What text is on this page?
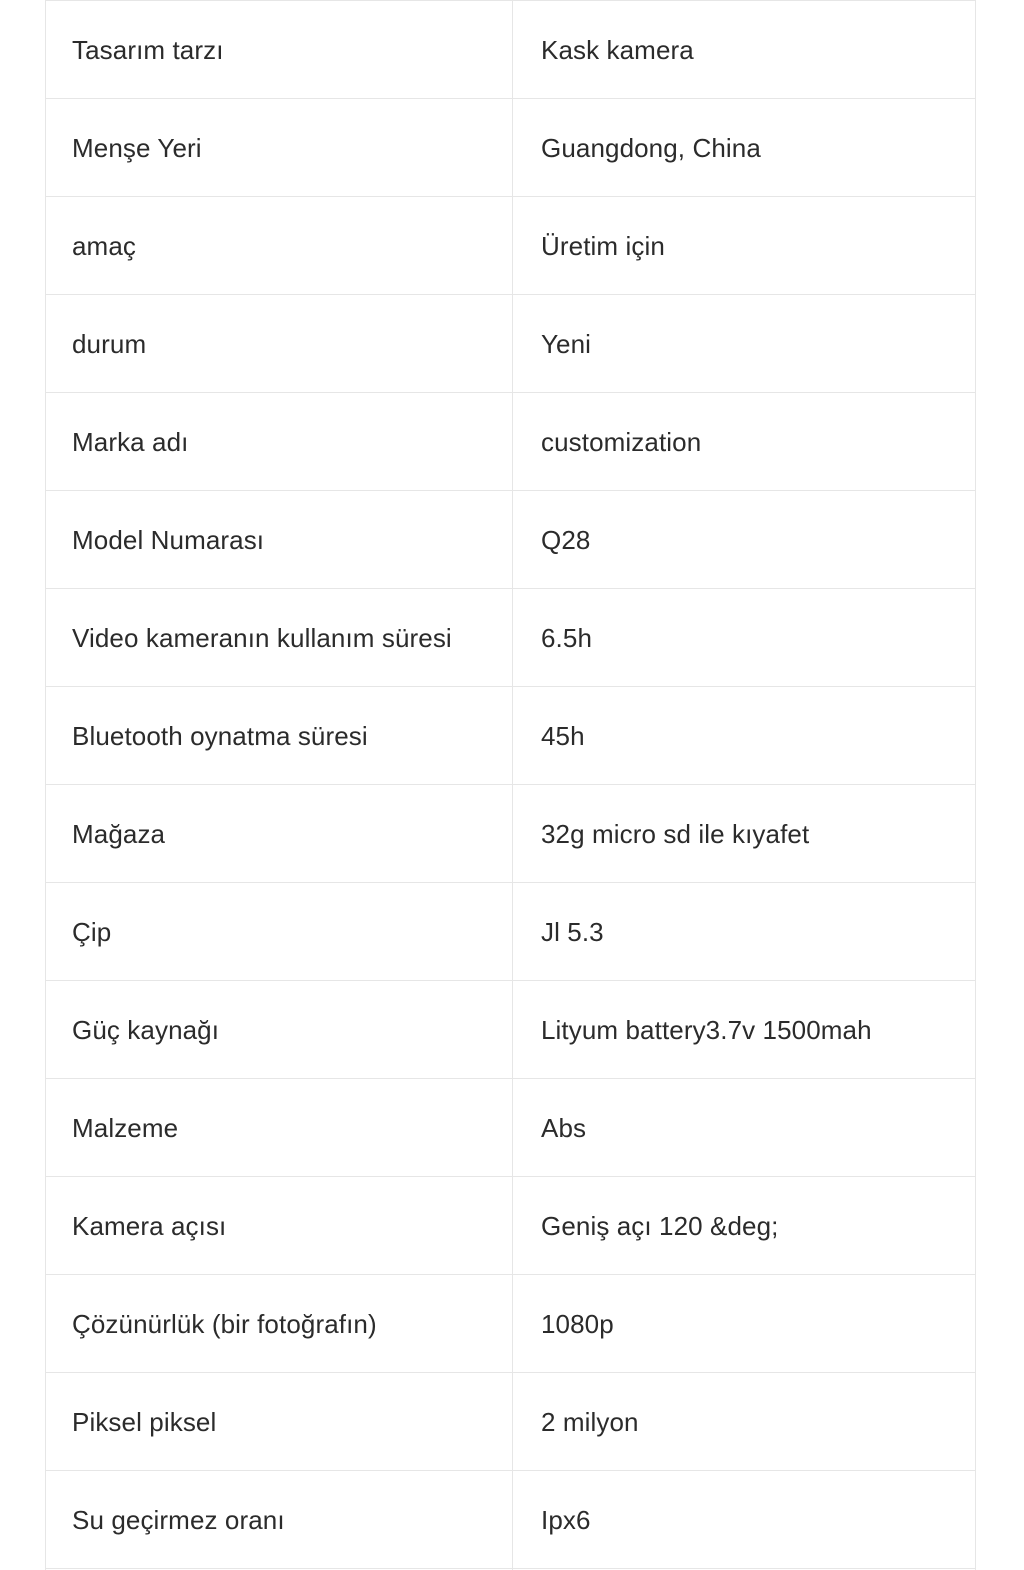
Tasarım tarzı	Kask kamera
Menşe Yeri	Guangdong, China
amaç	Üretim için
durum	Yeni
Marka adı	customization
Model Numarası	Q28
Video kameranın kullanım süresi	6.5h
Bluetooth oynatma süresi	45h
Mağaza	32g micro sd ile kıyafet
Çip	Jl 5.3
Güç kaynağı	Lityum battery3.7v 1500mah
Malzeme	Abs
Kamera açısı	Geniş açı 120 &deg;
Çözünürlük (bir fotoğrafın)	1080p
Piksel piksel	2 milyon
Su geçirmez oranı	Ipx6
